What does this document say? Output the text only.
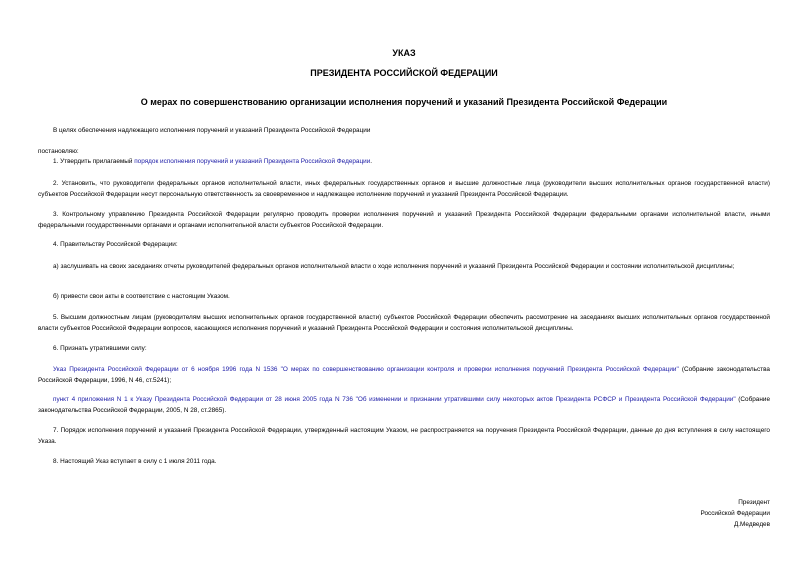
УКАЗ
ПРЕЗИДЕНТА РОССИЙСКОЙ ФЕДЕРАЦИИ
О мерах по совершенствованию организации исполнения поручений и указаний Президента Российской Федерации

В целях обеспечения надлежащего исполнения поручений и указаний Президента Российской Федерации

постановляю:

1. Утвердить прилагаемый порядок исполнения поручений и указаний Президента Российской Федерации.

2. Установить, что руководители федеральных органов исполнительной власти, иных федеральных государственных органов и высшие должностные лица (руководители высших исполнительных органов государственной власти) субъектов Российской Федерации несут персональную ответственность за своевременное и надлежащее исполнение поручений и указаний Президента Российской Федерации.

3. Контрольному управлению Президента Российской Федерации регулярно проводить проверки исполнения поручений и указаний Президента Российской Федерации федеральными органами исполнительной власти, иными федеральными государственными органами и органами исполнительной власти субъектов Российской Федерации.

4. Правительству Российской Федерации:

а) заслушивать на своих заседаниях отчеты руководителей федеральных органов исполнительной власти о ходе исполнения поручений и указаний Президента Российской Федерации и состоянии исполнительской дисциплины;

б) привести свои акты в соответствие с настоящим Указом.

5. Высшим должностным лицам (руководителям высших исполнительных органов государственной власти) субъектов Российской Федерации обеспечить рассмотрение на заседаниях высших исполнительных органов государственной власти субъектов Российской Федерации вопросов, касающихся исполнения поручений и указаний Президента Российской Федерации и состояния исполнительской дисциплины.

6. Признать утратившими силу:

Указ Президента Российской Федерации от 6 ноября 1996 года N 1536 "О мерах по совершенствованию организации контроля и проверки исполнения поручений Президента Российской Федерации" (Собрание законодательства Российской Федерации, 1996, N 46, ст.5241);

пункт 4 приложения N 1 к Указу Президента Российской Федерации от 28 июня 2005 года N 736 "Об изменении и признании утратившими силу некоторых актов Президента РСФСР и Президента Российской Федерации" (Собрание законодательства Российской Федерации, 2005, N 28, ст.2865).

7. Порядок исполнения поручений и указаний Президента Российской Федерации, утвержденный настоящим Указом, не распространяется на поручения Президента Российской Федерации, данные до дня вступления в силу настоящего Указа.

8. Настоящий Указ вступает в силу с 1 июля 2011 года.

Президент
Российской Федерации
Д.Медведев
